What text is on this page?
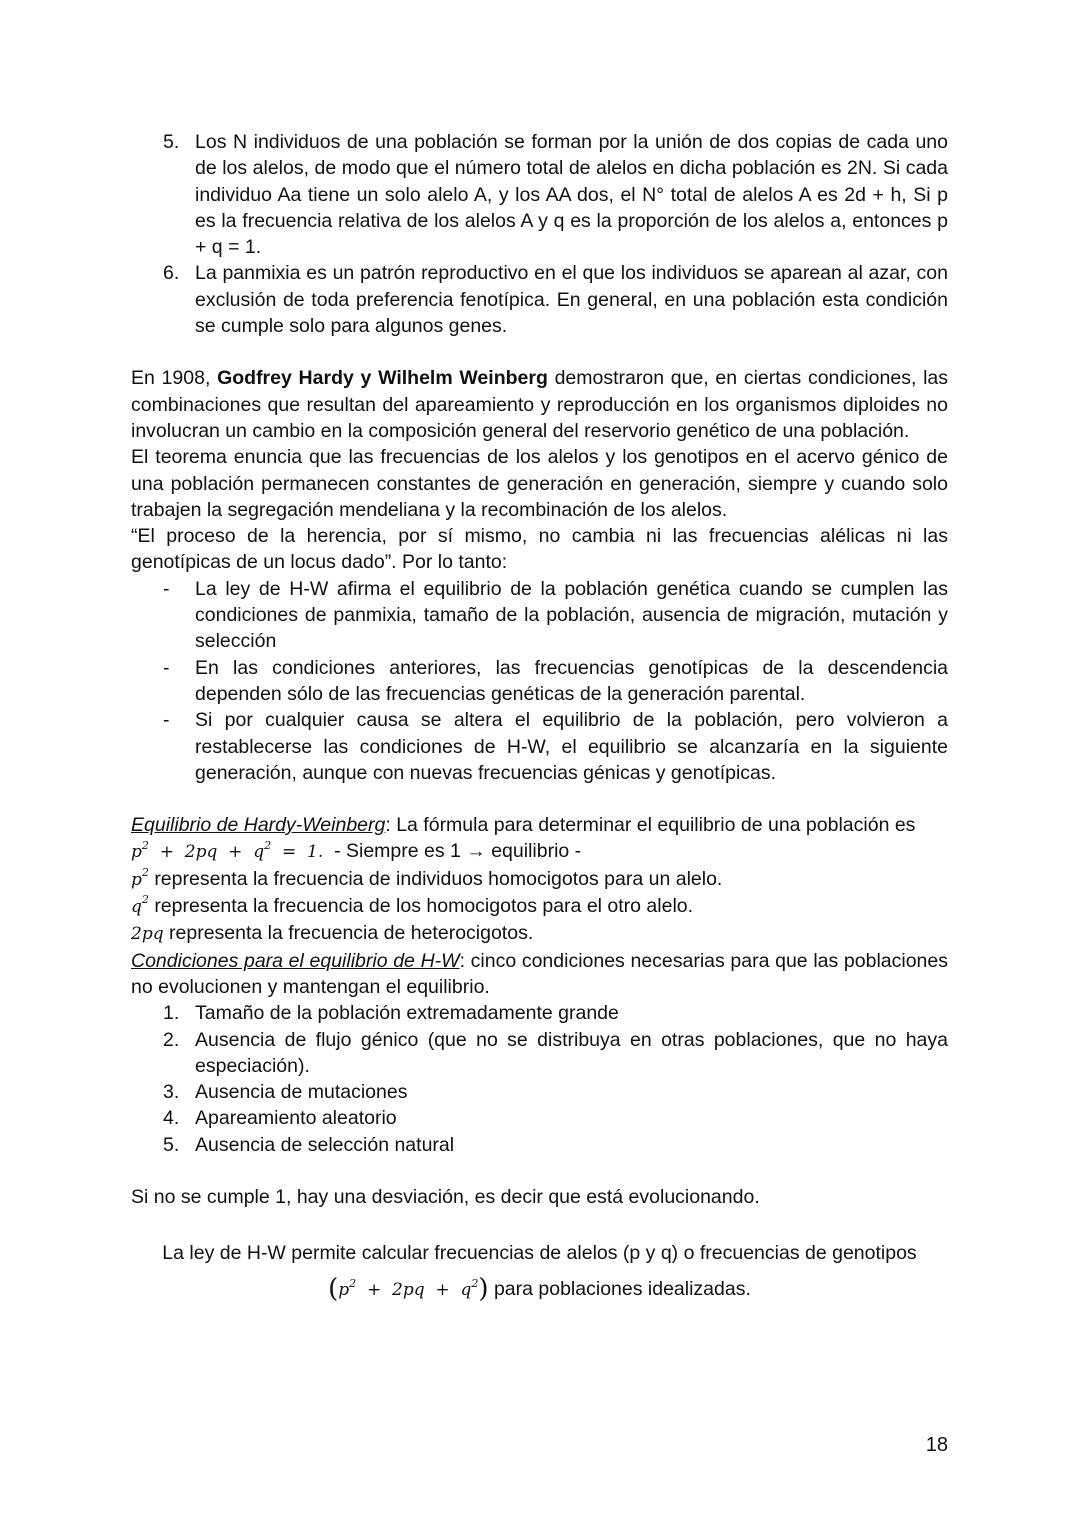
5. Los N individuos de una población se forman por la unión de dos copias de cada uno de los alelos, de modo que el número total de alelos en dicha población es 2N. Si cada individuo Aa tiene un solo alelo A, y los AA dos, el N° total de alelos A es 2d + h, Si p es la frecuencia relativa de los alelos A y q es la proporción de los alelos a, entonces p + q = 1.
6. La panmixia es un patrón reproductivo en el que los individuos se aparean al azar, con exclusión de toda preferencia fenotípica. En general, en una población esta condición se cumple solo para algunos genes.

En 1908, Godfrey Hardy y Wilhelm Weinberg demostraron que, en ciertas condiciones, las combinaciones que resultan del apareamiento y reproducción en los organismos diploides no involucran un cambio en la composición general del reservorio genético de una población.

El teorema enuncia que las frecuencias de los alelos y los genotipos en el acervo génico de una población permanecen constantes de generación en generación, siempre y cuando solo trabajen la segregación mendeliana y la recombinación de los alelos.

“El proceso de la herencia, por sí mismo, no cambia ni las frecuencias alélicas ni las genotípicas de un locus dado”. Por lo tanto:

- La ley de H-W afirma el equilibrio de la población genética cuando se cumplen las condiciones de panmixia, tamaño de la población, ausencia de migración, mutación y selección
- En las condiciones anteriores, las frecuencias genotípicas de la descendencia dependen sólo de las frecuencias genéticas de la generación parental.
- Si por cualquier causa se altera el equilibrio de la población, pero volvieron a restablecerse las condiciones de H-W, el equilibrio se alcanzaría en la siguiente generación, aunque con nuevas frecuencias génicas y genotípicas.

Equilibrio de Hardy-Weinberg: La fórmula para determinar el equilibrio de una población es

$p^2 + 2pq + q^2 = 1$. - Siempre es 1 → equilibrio -

$p^2$ representa la frecuencia de individuos homocigotos para un alelo.

$q^2$ representa la frecuencia de los homocigotos para el otro alelo.

2pq representa la frecuencia de heterocigotos.

Condiciones para el equilibrio de H-W: cinco condiciones necesarias para que las poblaciones no evolucionen y mantengan el equilibrio.

1. Tamaño de la población extremadamente grande
2. Ausencia de flujo génico (que no se distribuya en otras poblaciones, que no haya especiación).
3. Ausencia de mutaciones
4. Apareamiento aleatorio
5. Ausencia de selección natural

Si no se cumple 1, hay una desviación, es decir que está evolucionando.

La ley de H-W permite calcular frecuencias de alelos (p y q) o frecuencias de genotipos

$(p^2 + 2pq + q^2)$ para poblaciones idealizadas.

18
